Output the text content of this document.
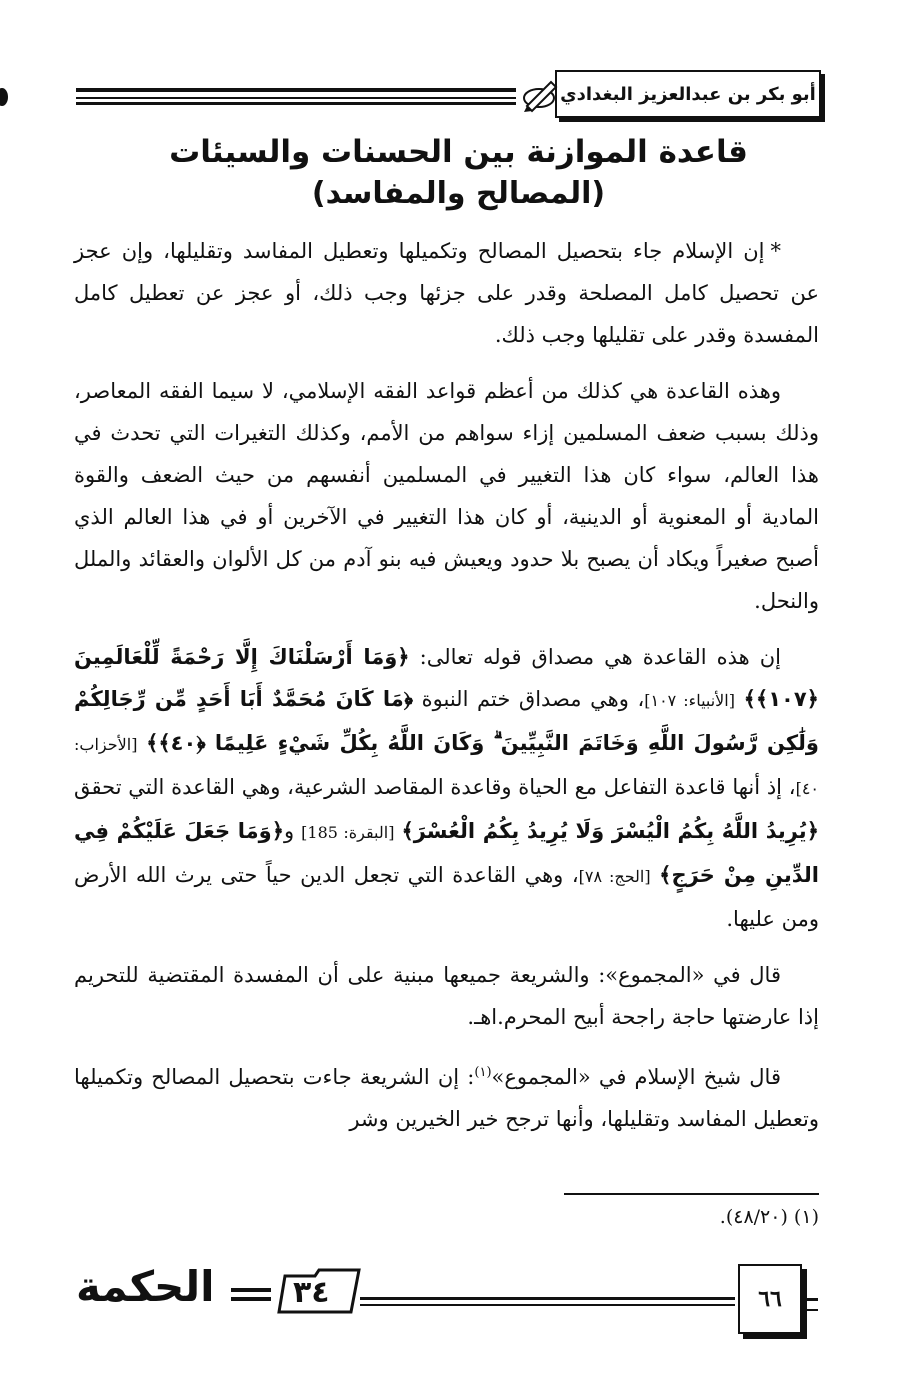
أبو بكر بن عبدالعزيز البغدادي
قاعدة الموازنة بين الحسنات والسيئات
(المصالح والمفاسد)

*إن الإسلام جاء بتحصيل المصالح وتكميلها وتعطيل المفاسد وتقليلها، وإن عجز عن تحصيل كامل المصلحة وقدر على جزئها وجب ذلك، أو عجز عن تعطيل كامل المفسدة وقدر على تقليلها وجب ذلك.

وهذه القاعدة هي كذلك من أعظم قواعد الفقه الإسلامي، لا سيما الفقه المعاصر، وذلك بسبب ضعف المسلمين إزاء سواهم من الأمم، وكذلك التغيرات التي تحدث في هذا العالم، سواء كان هذا التغيير في المسلمين أنفسهم من حيث الضعف والقوة المادية أو المعنوية أو الدينية، أو كان هذا التغيير في الآخرين أو في هذا العالم الذي أصبح صغيراً ويكاد أن يصبح بلا حدود ويعيش فيه بنو آدم من كل الألوان والعقائد والملل والنحل.

إن هذه القاعدة هي مصداق قوله تعالى: ﴿وَمَا أَرْسَلْنَاكَ إِلَّا رَحْمَةً لِّلْعَالَمِينَ ﴿١٠٧﴾﴾ [الأنبياء: ١٠٧]، وهي مصداق ختم النبوة ﴿مَا كَانَ مُحَمَّدٌ أَبَا أَحَدٍ مِّن رِّجَالِكُمْ وَلَٰكِن رَّسُولَ اللَّهِ وَخَاتَمَ النَّبِيِّينَ ۗ وَكَانَ اللَّهُ بِكُلِّ شَيْءٍ عَلِيمًا ﴿٤٠﴾﴾ [الأحزاب: ٤٠]، إذ أنها قاعدة التفاعل مع الحياة وقاعدة المقاصد الشرعية، وهي القاعدة التي تحقق ﴿يُرِيدُ اللَّهُ بِكُمُ الْيُسْرَ وَلَا يُرِيدُ بِكُمُ الْعُسْرَ﴾ [البقرة: 185] و﴿وَمَا جَعَلَ عَلَيْكُمْ فِي الدِّينِ مِنْ حَرَجٍ﴾ [الحج: ٧٨]، وهي القاعدة التي تجعل الدين حياً حتى يرث الله الأرض ومن عليها.

قال في «المجموع»: والشريعة جميعها مبنية على أن المفسدة المقتضية للتحريم إذا عارضتها حاجة راجحة أبيح المحرم.اهـ.

قال شيخ الإسلام في «المجموع»$^{(١)}$: إن الشريعة جاءت بتحصيل المصالح وتكميلها وتعطيل المفاسد وتقليلها، وأنها ترجح خير الخيرين وشر

(١) (٤٨/٢٠).
الحكمة	٣٤	٦٦
